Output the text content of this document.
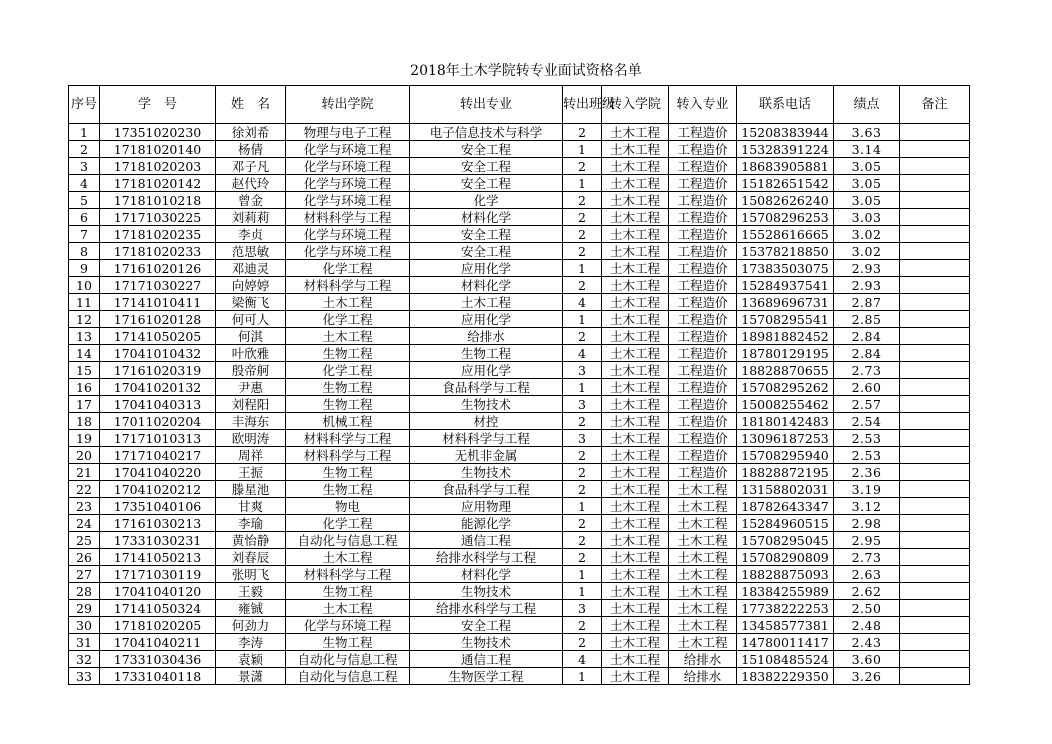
2018年土木学院转专业面试资格名单
序号	学　号	姓　名	转出学院	转出专业	转出班级	转入学院	转入专业	联系电话	绩点	备注
1	17351020230	徐刘希	物理与电子工程	电子信息技术与科学	2	土木工程	工程造价	15208383944	3.63	
2	17181020140	杨倩	化学与环境工程	安全工程	1	土木工程	工程造价	15328391224	3.14	
3	17181020203	邓子凡	化学与环境工程	安全工程	2	土木工程	工程造价	18683905881	3.05	
4	17181020142	赵代玲	化学与环境工程	安全工程	1	土木工程	工程造价	15182651542	3.05	
5	17181010218	曾金	化学与环境工程	化学	2	土木工程	工程造价	15082626240	3.05	
6	17171030225	刘莉莉	材料科学与工程	材料化学	2	土木工程	工程造价	15708296253	3.03	
7	17181020235	李贞	化学与环境工程	安全工程	2	土木工程	工程造价	15528616665	3.02	
8	17181020233	范思敏	化学与环境工程	安全工程	2	土木工程	工程造价	15378218850	3.02	
9	17161020126	邓迪灵	化学工程	应用化学	1	土木工程	工程造价	17383503075	2.93	
10	17171030227	向婷婷	材料科学与工程	材料化学	2	土木工程	工程造价	15284937541	2.93	
11	17141010411	梁衡飞	土木工程	土木工程	4	土木工程	工程造价	13689696731	2.87	
12	17161020128	何可人	化学工程	应用化学	1	土木工程	工程造价	15708295541	2.85	
13	17141050205	何淇	土木工程	给排水	2	土木工程	工程造价	18981882452	2.84	
14	17041010432	叶欣雅	生物工程	生物工程	4	土木工程	工程造价	18780129195	2.84	
15	17161020319	殷帝舸	化学工程	应用化学	3	土木工程	工程造价	18828870655	2.73	
16	17041020132	尹惠	生物工程	食品科学与工程	1	土木工程	工程造价	15708295262	2.60	
17	17041040313	刘程阳	生物工程	生物技术	3	土木工程	工程造价	15008255462	2.57	
18	17011020204	丰海东	机械工程	材控	2	土木工程	工程造价	18180142483	2.54	
19	17171010313	欧明涛	材料科学与工程	材料科学与工程	3	土木工程	工程造价	13096187253	2.53	
20	17171040217	周祥	材料科学与工程	无机非金属	2	土木工程	工程造价	15708295940	2.53	
21	17041040220	王振	生物工程	生物技术	2	土木工程	工程造价	18828872195	2.36	
22	17041020212	滕星池	生物工程	食品科学与工程	2	土木工程	土木工程	13158802031	3.19	
23	17351040106	甘爽	物电	应用物理	1	土木工程	土木工程	18782643347	3.12	
24	17161030213	李瑜	化学工程	能源化学	2	土木工程	土木工程	15284960515	2.98	
25	17331030231	黄怡静	自动化与信息工程	通信工程	2	土木工程	土木工程	15708295045	2.95	
26	17141050213	刘春辰	土木工程	给排水科学与工程	2	土木工程	土木工程	15708290809	2.73	
27	17171030119	张明飞	材料科学与工程	材料化学	1	土木工程	土木工程	18828875093	2.63	
28	17041040120	王毅	生物工程	生物技术	1	土木工程	土木工程	18384255989	2.62	
29	17141050324	雍铖	土木工程	给排水科学与工程	3	土木工程	土木工程	17738222253	2.50	
30	17181020205	何劲力	化学与环境工程	安全工程	2	土木工程	土木工程	13458577381	2.48	
31	17041040211	李涛	生物工程	生物技术	2	土木工程	土木工程	14780011417	2.43	
32	17331030436	袁颖	自动化与信息工程	通信工程	4	土木工程	给排水	15108485524	3.60	
33	17331040118	景潇	自动化与信息工程	生物医学工程	1	土木工程	给排水	18382229350	3.26	
